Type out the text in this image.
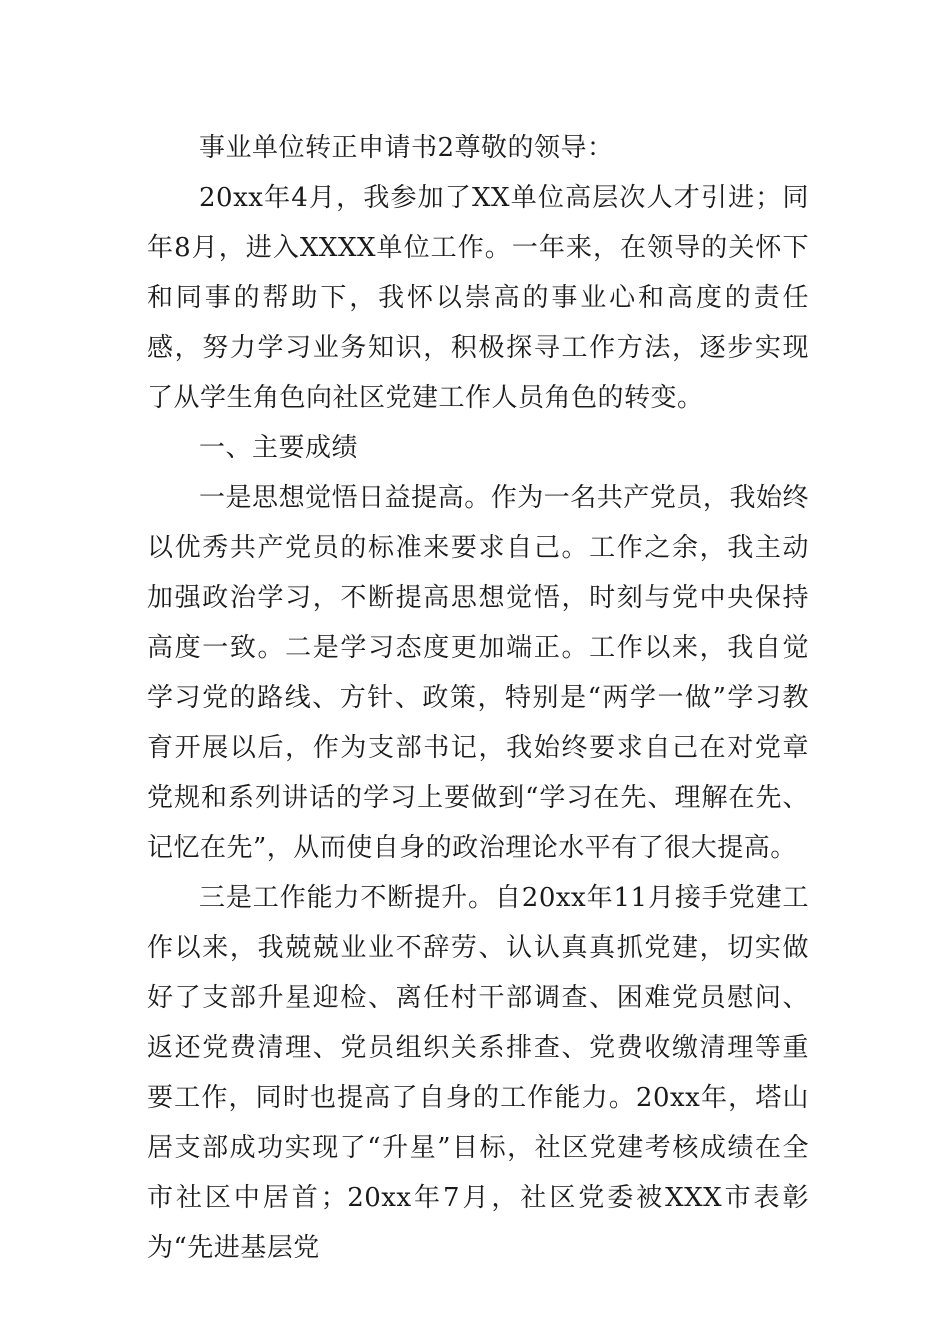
事业单位转正申请书2尊敬的领导：

20xx年4月，我参加了XX单位高层次人才引进；同年8月，进入XXXX单位工作。一年来，在领导的关怀下和同事的帮助下，我怀以崇高的事业心和高度的责任感，努力学习业务知识，积极探寻工作方法，逐步实现了从学生角色向社区党建工作人员角色的转变。

一、主要成绩

一是思想觉悟日益提高。作为一名共产党员，我始终以优秀共产党员的标准来要求自己。工作之余，我主动加强政治学习，不断提高思想觉悟，时刻与党中央保持高度一致。二是学习态度更加端正。工作以来，我自觉学习党的路线、方针、政策，特别是“两学一做”学习教育开展以后，作为支部书记，我始终要求自己在对党章党规和系列讲话的学习上要做到“学习在先、理解在先、记忆在先”，从而使自身的政治理论水平有了很大提高。

三是工作能力不断提升。自20xx年11月接手党建工作以来，我兢兢业业不辞劳、认认真真抓党建，切实做好了支部升星迎检、离任村干部调查、困难党员慰问、返还党费清理、党员组织关系排查、党费收缴清理等重要工作，同时也提高了自身的工作能力。20xx年，塔山居支部成功实现了“升星”目标，社区党建考核成绩在全市社区中居首；20xx年7月，社区党委被XXX市表彰为“先进基层党
